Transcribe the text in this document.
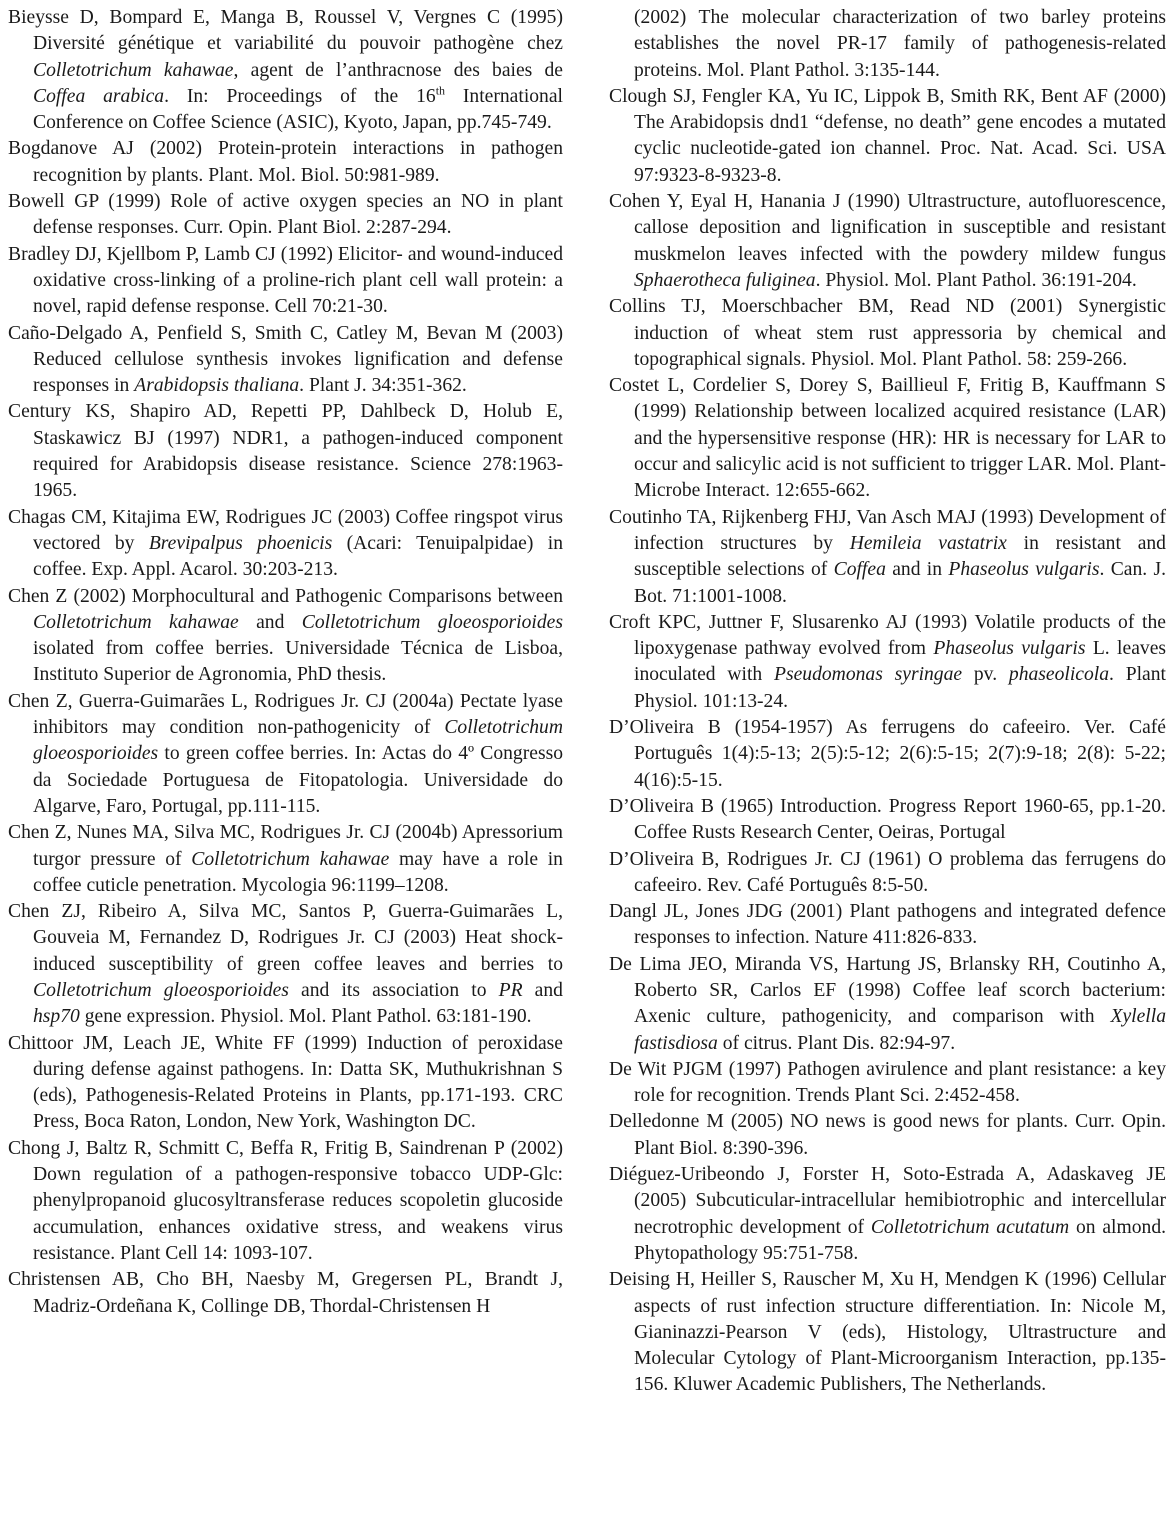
Bieysse D, Bompard E, Manga B, Roussel V, Vergnes C (1995) Diversité génétique et variabilité du pouvoir pathogène chez Colletotrichum kahawae, agent de l’anthracnose des baies de Coffea arabica. In: Proceedings of the 16th International Conference on Coffee Science (ASIC), Kyoto, Japan, pp.745-749.

Bogdanove AJ (2002) Protein-protein interactions in pathogen recognition by plants. Plant. Mol. Biol. 50:981-989.

Bowell GP (1999) Role of active oxygen species an NO in plant defense responses. Curr. Opin. Plant Biol. 2:287-294.

Bradley DJ, Kjellbom P, Lamb CJ (1992) Elicitor- and wound-induced oxidative cross-linking of a proline-rich plant cell wall protein: a novel, rapid defense response. Cell 70:21-30.

Caño-Delgado A, Penfield S, Smith C, Catley M, Bevan M (2003) Reduced cellulose synthesis invokes lignification and defense responses in Arabidopsis thaliana. Plant J. 34:351-362.

Century KS, Shapiro AD, Repetti PP, Dahlbeck D, Holub E, Staskawicz BJ (1997) NDR1, a pathogen-induced component required for Arabidopsis disease resistance. Science 278:1963-1965.

Chagas CM, Kitajima EW, Rodrigues JC (2003) Coffee ringspot virus vectored by Brevipalpus phoenicis (Acari: Tenuipalpidae) in coffee. Exp. Appl. Acarol. 30:203-213.

Chen Z (2002) Morphocultural and Pathogenic Comparisons between Colletotrichum kahawae and Colletotrichum gloeosporioides isolated from coffee berries. Universidade Técnica de Lisboa, Instituto Superior de Agronomia, PhD thesis.

Chen Z, Guerra-Guimarães L, Rodrigues Jr. CJ (2004a) Pectate lyase inhibitors may condition non-pathogenicity of Colletotrichum gloeosporioides to green coffee berries. In: Actas do 4º Congresso da Sociedade Portuguesa de Fitopatologia. Universidade do Algarve, Faro, Portugal, pp.111-115.

Chen Z, Nunes MA, Silva MC, Rodrigues Jr. CJ (2004b) Apressorium turgor pressure of Colletotrichum kahawae may have a role in coffee cuticle penetration. Mycologia 96:1199–1208.

Chen ZJ, Ribeiro A, Silva MC, Santos P, Guerra-Guimarães L, Gouveia M, Fernandez D, Rodrigues Jr. CJ (2003) Heat shock-induced susceptibility of green coffee leaves and berries to Colletotrichum gloeosporioides and its association to PR and hsp70 gene expression. Physiol. Mol. Plant Pathol. 63:181-190.

Chittoor JM, Leach JE, White FF (1999) Induction of peroxidase during defense against pathogens. In: Datta SK, Muthukrishnan S (eds), Pathogenesis-Related Proteins in Plants, pp.171-193. CRC Press, Boca Raton, London, New York, Washington DC.

Chong J, Baltz R, Schmitt C, Beffa R, Fritig B, Saindrenan P (2002) Down regulation of a pathogen-responsive tobacco UDP-Glc: phenylpropanoid glucosyltransferase reduces scopoletin glucoside accumulation, enhances oxidative stress, and weakens virus resistance. Plant Cell 14: 1093-107.

Christensen AB, Cho BH, Naesby M, Gregersen PL, Brandt J, Madriz-Ordeñana K, Collinge DB, Thordal-Christensen H

(2002) The molecular characterization of two barley proteins establishes the novel PR-17 family of pathogenesis-related proteins. Mol. Plant Pathol. 3:135-144.

Clough SJ, Fengler KA, Yu IC, Lippok B, Smith RK, Bent AF (2000) The Arabidopsis dnd1 “defense, no death” gene encodes a mutated cyclic nucleotide-gated ion channel. Proc. Nat. Acad. Sci. USA 97:9323-8-9323-8.

Cohen Y, Eyal H, Hanania J (1990) Ultrastructure, autofluorescence, callose deposition and lignification in susceptible and resistant muskmelon leaves infected with the powdery mildew fungus Sphaerotheca fuliginea. Physiol. Mol. Plant Pathol. 36:191-204.

Collins TJ, Moerschbacher BM, Read ND (2001) Synergistic induction of wheat stem rust appressoria by chemical and topographical signals. Physiol. Mol. Plant Pathol. 58: 259-266.

Costet L, Cordelier S, Dorey S, Baillieul F, Fritig B, Kauffmann S (1999) Relationship between localized acquired resistance (LAR) and the hypersensitive response (HR): HR is necessary for LAR to occur and salicylic acid is not sufficient to trigger LAR. Mol. Plant-Microbe Interact. 12:655-662.

Coutinho TA, Rijkenberg FHJ, Van Asch MAJ (1993) Development of infection structures by Hemileia vastatrix in resistant and susceptible selections of Coffea and in Phaseolus vulgaris. Can. J. Bot. 71:1001-1008.

Croft KPC, Juttner F, Slusarenko AJ (1993) Volatile products of the lipoxygenase pathway evolved from Phaseolus vulgaris L. leaves inoculated with Pseudomonas syringae pv. phaseolicola. Plant Physiol. 101:13-24.

D’Oliveira B (1954-1957) As ferrugens do cafeeiro. Ver. Café Português 1(4):5-13; 2(5):5-12; 2(6):5-15; 2(7):9-18; 2(8): 5-22; 4(16):5-15.

D’Oliveira B (1965) Introduction. Progress Report 1960-65, pp.1-20. Coffee Rusts Research Center, Oeiras, Portugal

D’Oliveira B, Rodrigues Jr. CJ (1961) O problema das ferrugens do cafeeiro. Rev. Café Português 8:5-50.

Dangl JL, Jones JDG (2001) Plant pathogens and integrated defence responses to infection. Nature 411:826-833.

De Lima JEO, Miranda VS, Hartung JS, Brlansky RH, Coutinho A, Roberto SR, Carlos EF (1998) Coffee leaf scorch bacterium: Axenic culture, pathogenicity, and comparison with Xylella fastisdiosa of citrus. Plant Dis. 82:94-97.

De Wit PJGM (1997) Pathogen avirulence and plant resistance: a key role for recognition. Trends Plant Sci. 2:452-458.

Delledonne M (2005) NO news is good news for plants. Curr. Opin. Plant Biol. 8:390-396.

Diéguez-Uribeondo J, Forster H, Soto-Estrada A, Adaskaveg JE (2005) Subcuticular-intracellular hemibiotrophic and intercellular necrotrophic development of Colletotrichum acutatum on almond. Phytopathology 95:751-758.

Deising H, Heiller S, Rauscher M, Xu H, Mendgen K (1996) Cellular aspects of rust infection structure differentiation. In: Nicole M, Gianinazzi-Pearson V (eds), Histology, Ultrastructure and Molecular Cytology of Plant-Microorganism Interaction, pp.135-156. Kluwer Academic Publishers, The Netherlands.
